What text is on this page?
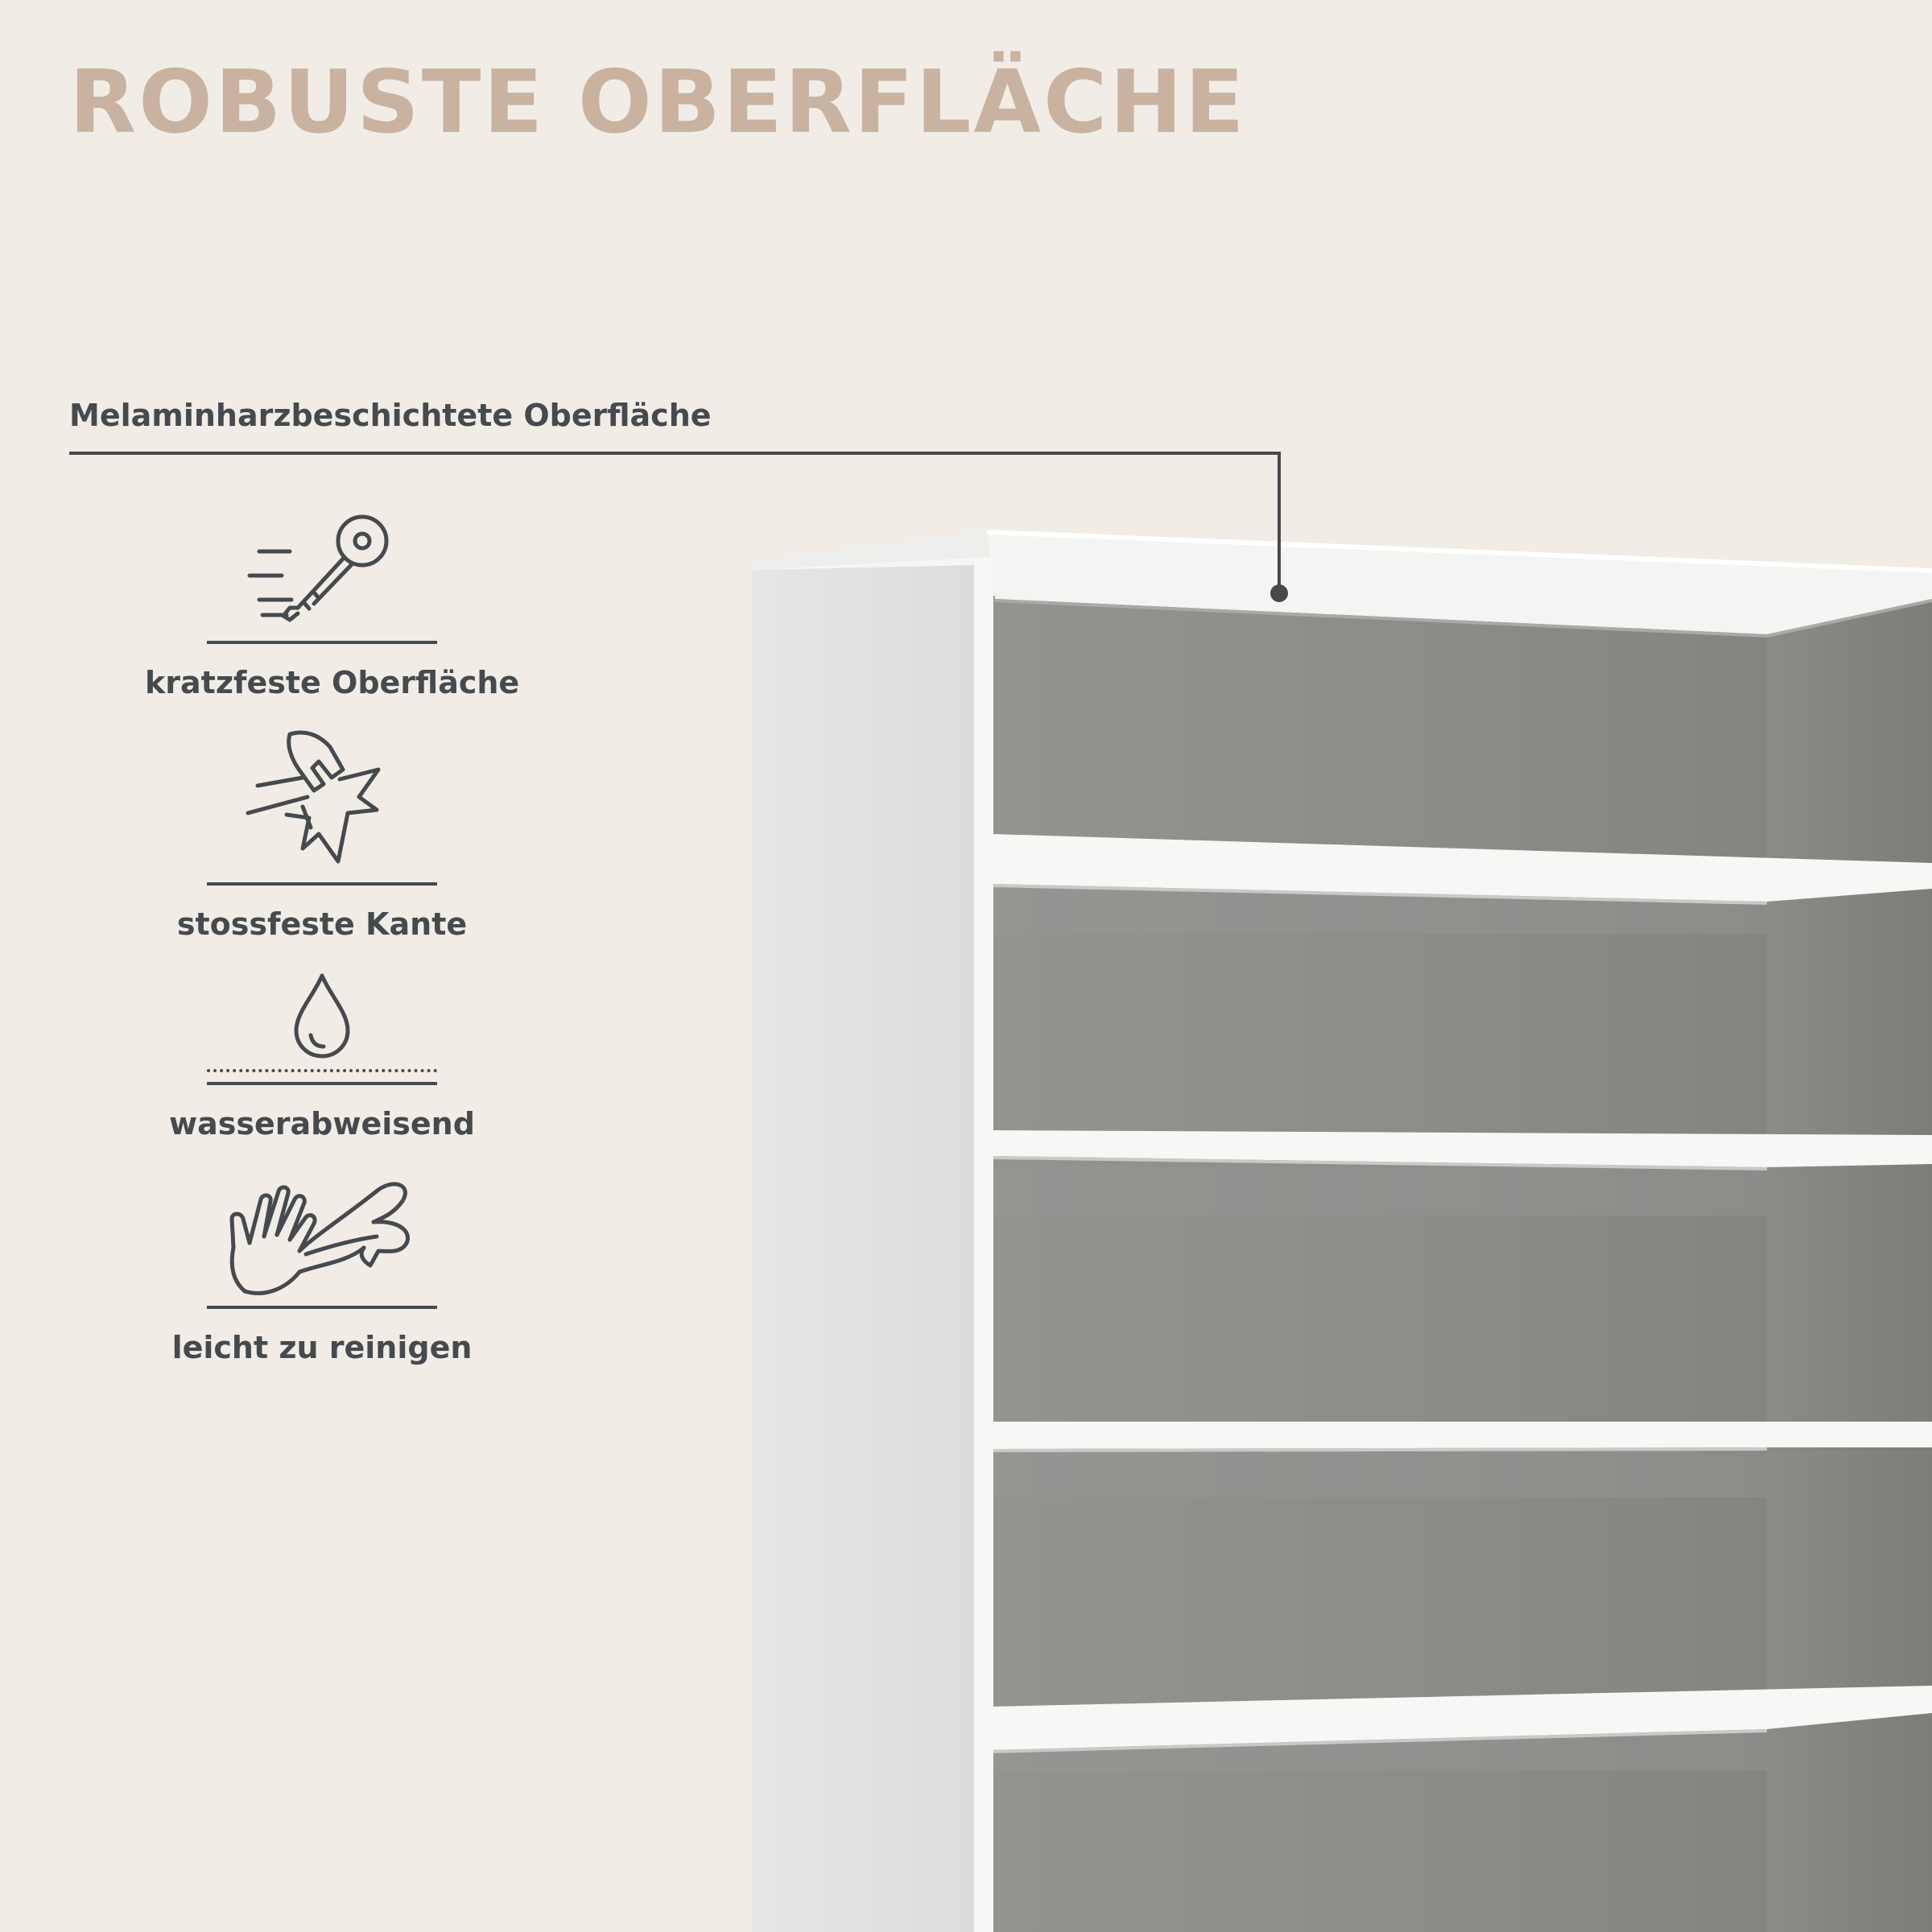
ROBUSTE OBERFLÄCHE
Melaminharzbeschichtete Oberfläche
kratzfeste Oberfläche
stossfeste Kante
wasserabweisend
leicht zu reinigen
